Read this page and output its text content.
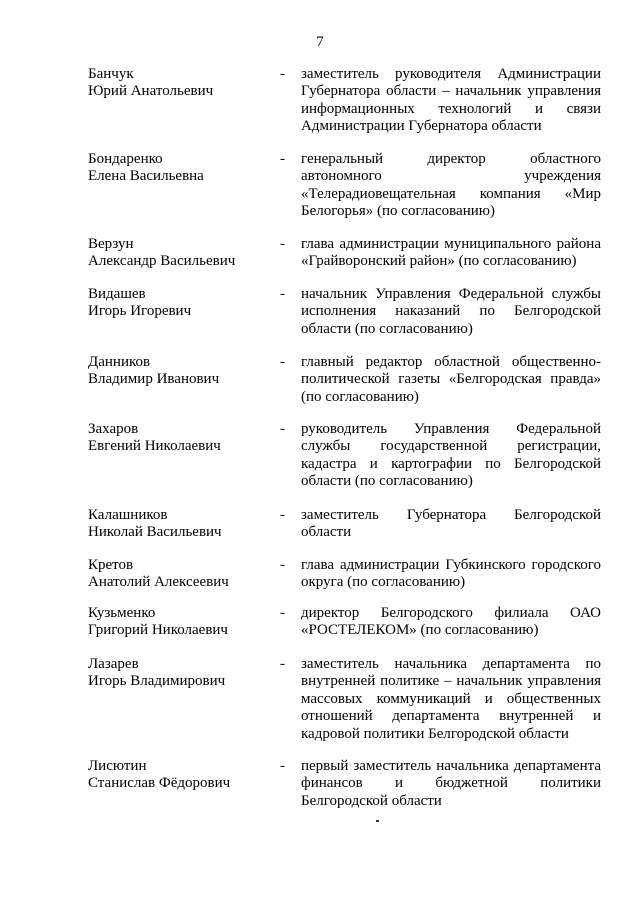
7
Банчук
Юрий Анатольевич
-	заместитель руководителя Администрации Губернатора области – начальник управления информационных технологий и связи Администрации Губернатора области
Бондаренко
Елена Васильевна
-	генеральный директор областного автономного учреждения «Телерадиовещательная компания «Мир Белогорья» (по согласованию)
Верзун
Александр Васильевич
-	глава администрации муниципального района «Грайворонский район» (по согласованию)
Видашев
Игорь Игоревич
-	начальник Управления Федеральной службы исполнения наказаний по Белгородской области (по согласованию)
Данников
Владимир Иванович
-	главный редактор областной общественно-политической газеты «Белгородская правда» (по согласованию)
Захаров
Евгений Николаевич
-	руководитель Управления Федеральной службы государственной регистрации, кадастра и картографии по Белгородской области (по согласованию)
Калашников
Николай Васильевич
-	заместитель Губернатора Белгородской области
Кретов
Анатолий Алексеевич
-	глава администрации Губкинского городского округа (по согласованию)
Кузьменко
Григорий Николаевич
-	директор Белгородского филиала ОАО «РОСТЕЛЕКОМ» (по согласованию)
Лазарев
Игорь Владимирович
-	заместитель начальника департамента по внутренней политике – начальник управления массовых коммуникаций и общественных отношений департамента внутренней и кадровой политики Белгородской области
Лисютин
Станислав Фёдорович
-	первый заместитель начальника департамента финансов и бюджетной политики Белгородской области
